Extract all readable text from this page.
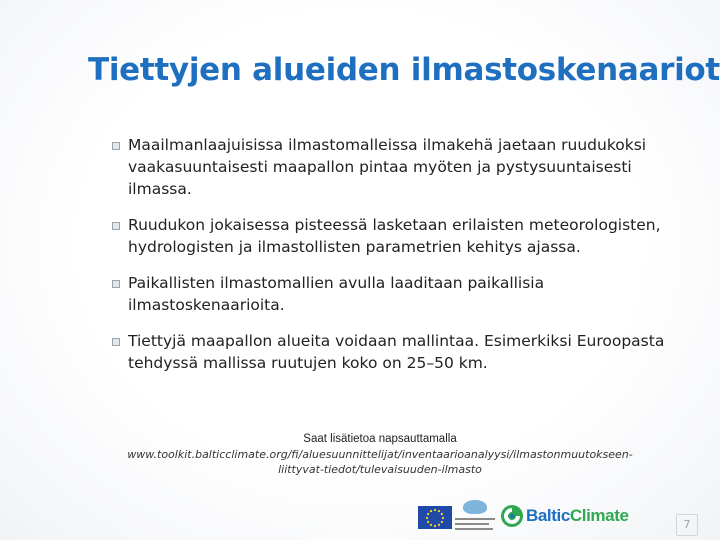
Tiettyjen alueiden ilmastoskenaariot
Maailmanlaajuisissa ilmastomalleissa ilmakehä jaetaan ruudukoksi vaakasuuntaisesti maapallon pintaa myöten ja pystysuuntaisesti ilmassa.
Ruudukon jokaisessa pisteessä lasketaan erilaisten meteorologisten, hydrologisten ja ilmastollisten parametrien kehitys ajassa.
Paikallisten ilmastomallien avulla laaditaan paikallisia ilmastoskenaarioita.
Tiettyjä maapallon alueita voidaan mallintaa. Esimerkiksi Euroopasta tehdyssä mallissa ruutujen koko on 25–50 km.
Saat lisätietoa napsauttamalla
www.toolkit.balticclimate.org/fi/aluesuunnittelijat/inventaarioanalyysi/ilmastonmuutokseen-liittyvat-tiedot/tulevaisuuden-ilmasto
BalticClimate	7
